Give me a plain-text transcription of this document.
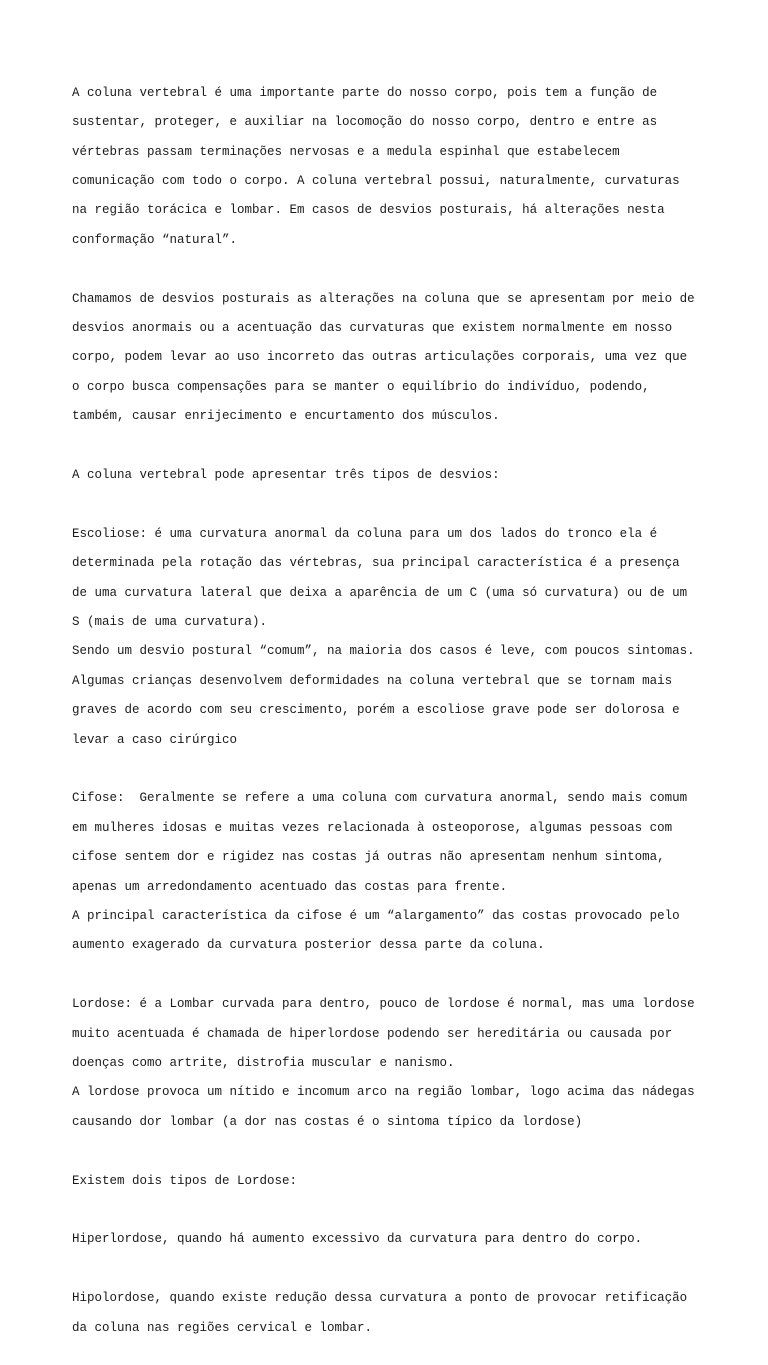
A coluna vertebral é uma importante parte do nosso corpo, pois tem a função de

sustentar, proteger, e auxiliar na locomoção do nosso corpo, dentro e entre as

vértebras passam terminações nervosas e a medula espinhal que estabelecem

comunicação com todo o corpo. A coluna vertebral possui, naturalmente, curvaturas

na região torácica e lombar. Em casos de desvios posturais, há alterações nesta

conformação “natural”.

Chamamos de desvios posturais as alterações na coluna que se apresentam por meio de

desvios anormais ou a acentuação das curvaturas que existem normalmente em nosso

corpo, podem levar ao uso incorreto das outras articulações corporais, uma vez que

o corpo busca compensações para se manter o equilíbrio do indivíduo, podendo,

também, causar enrijecimento e encurtamento dos músculos.

A coluna vertebral pode apresentar três tipos de desvios:

Escoliose: é uma curvatura anormal da coluna para um dos lados do tronco ela é

determinada pela rotação das vértebras, sua principal característica é a presença

de uma curvatura lateral que deixa a aparência de um C (uma só curvatura) ou de um

S (mais de uma curvatura).

Sendo um desvio postural “comum”, na maioria dos casos é leve, com poucos sintomas.

Algumas crianças desenvolvem deformidades na coluna vertebral que se tornam mais

graves de acordo com seu crescimento, porém a escoliose grave pode ser dolorosa e

levar a caso cirúrgico

Cifose:  Geralmente se refere a uma coluna com curvatura anormal, sendo mais comum

em mulheres idosas e muitas vezes relacionada à osteoporose, algumas pessoas com

cifose sentem dor e rigidez nas costas já outras não apresentam nenhum sintoma,

apenas um arredondamento acentuado das costas para frente.

A principal característica da cifose é um “alargamento” das costas provocado pelo

aumento exagerado da curvatura posterior dessa parte da coluna.

Lordose: é a Lombar curvada para dentro, pouco de lordose é normal, mas uma lordose

muito acentuada é chamada de hiperlordose podendo ser hereditária ou causada por

doenças como artrite, distrofia muscular e nanismo.

A lordose provoca um nítido e incomum arco na região lombar, logo acima das nádegas

causando dor lombar (a dor nas costas é o sintoma típico da lordose)

Existem dois tipos de Lordose:

Hiperlordose, quando há aumento excessivo da curvatura para dentro do corpo.

Hipolordose, quando existe redução dessa curvatura a ponto de provocar retificação

da coluna nas regiões cervical e lombar.
